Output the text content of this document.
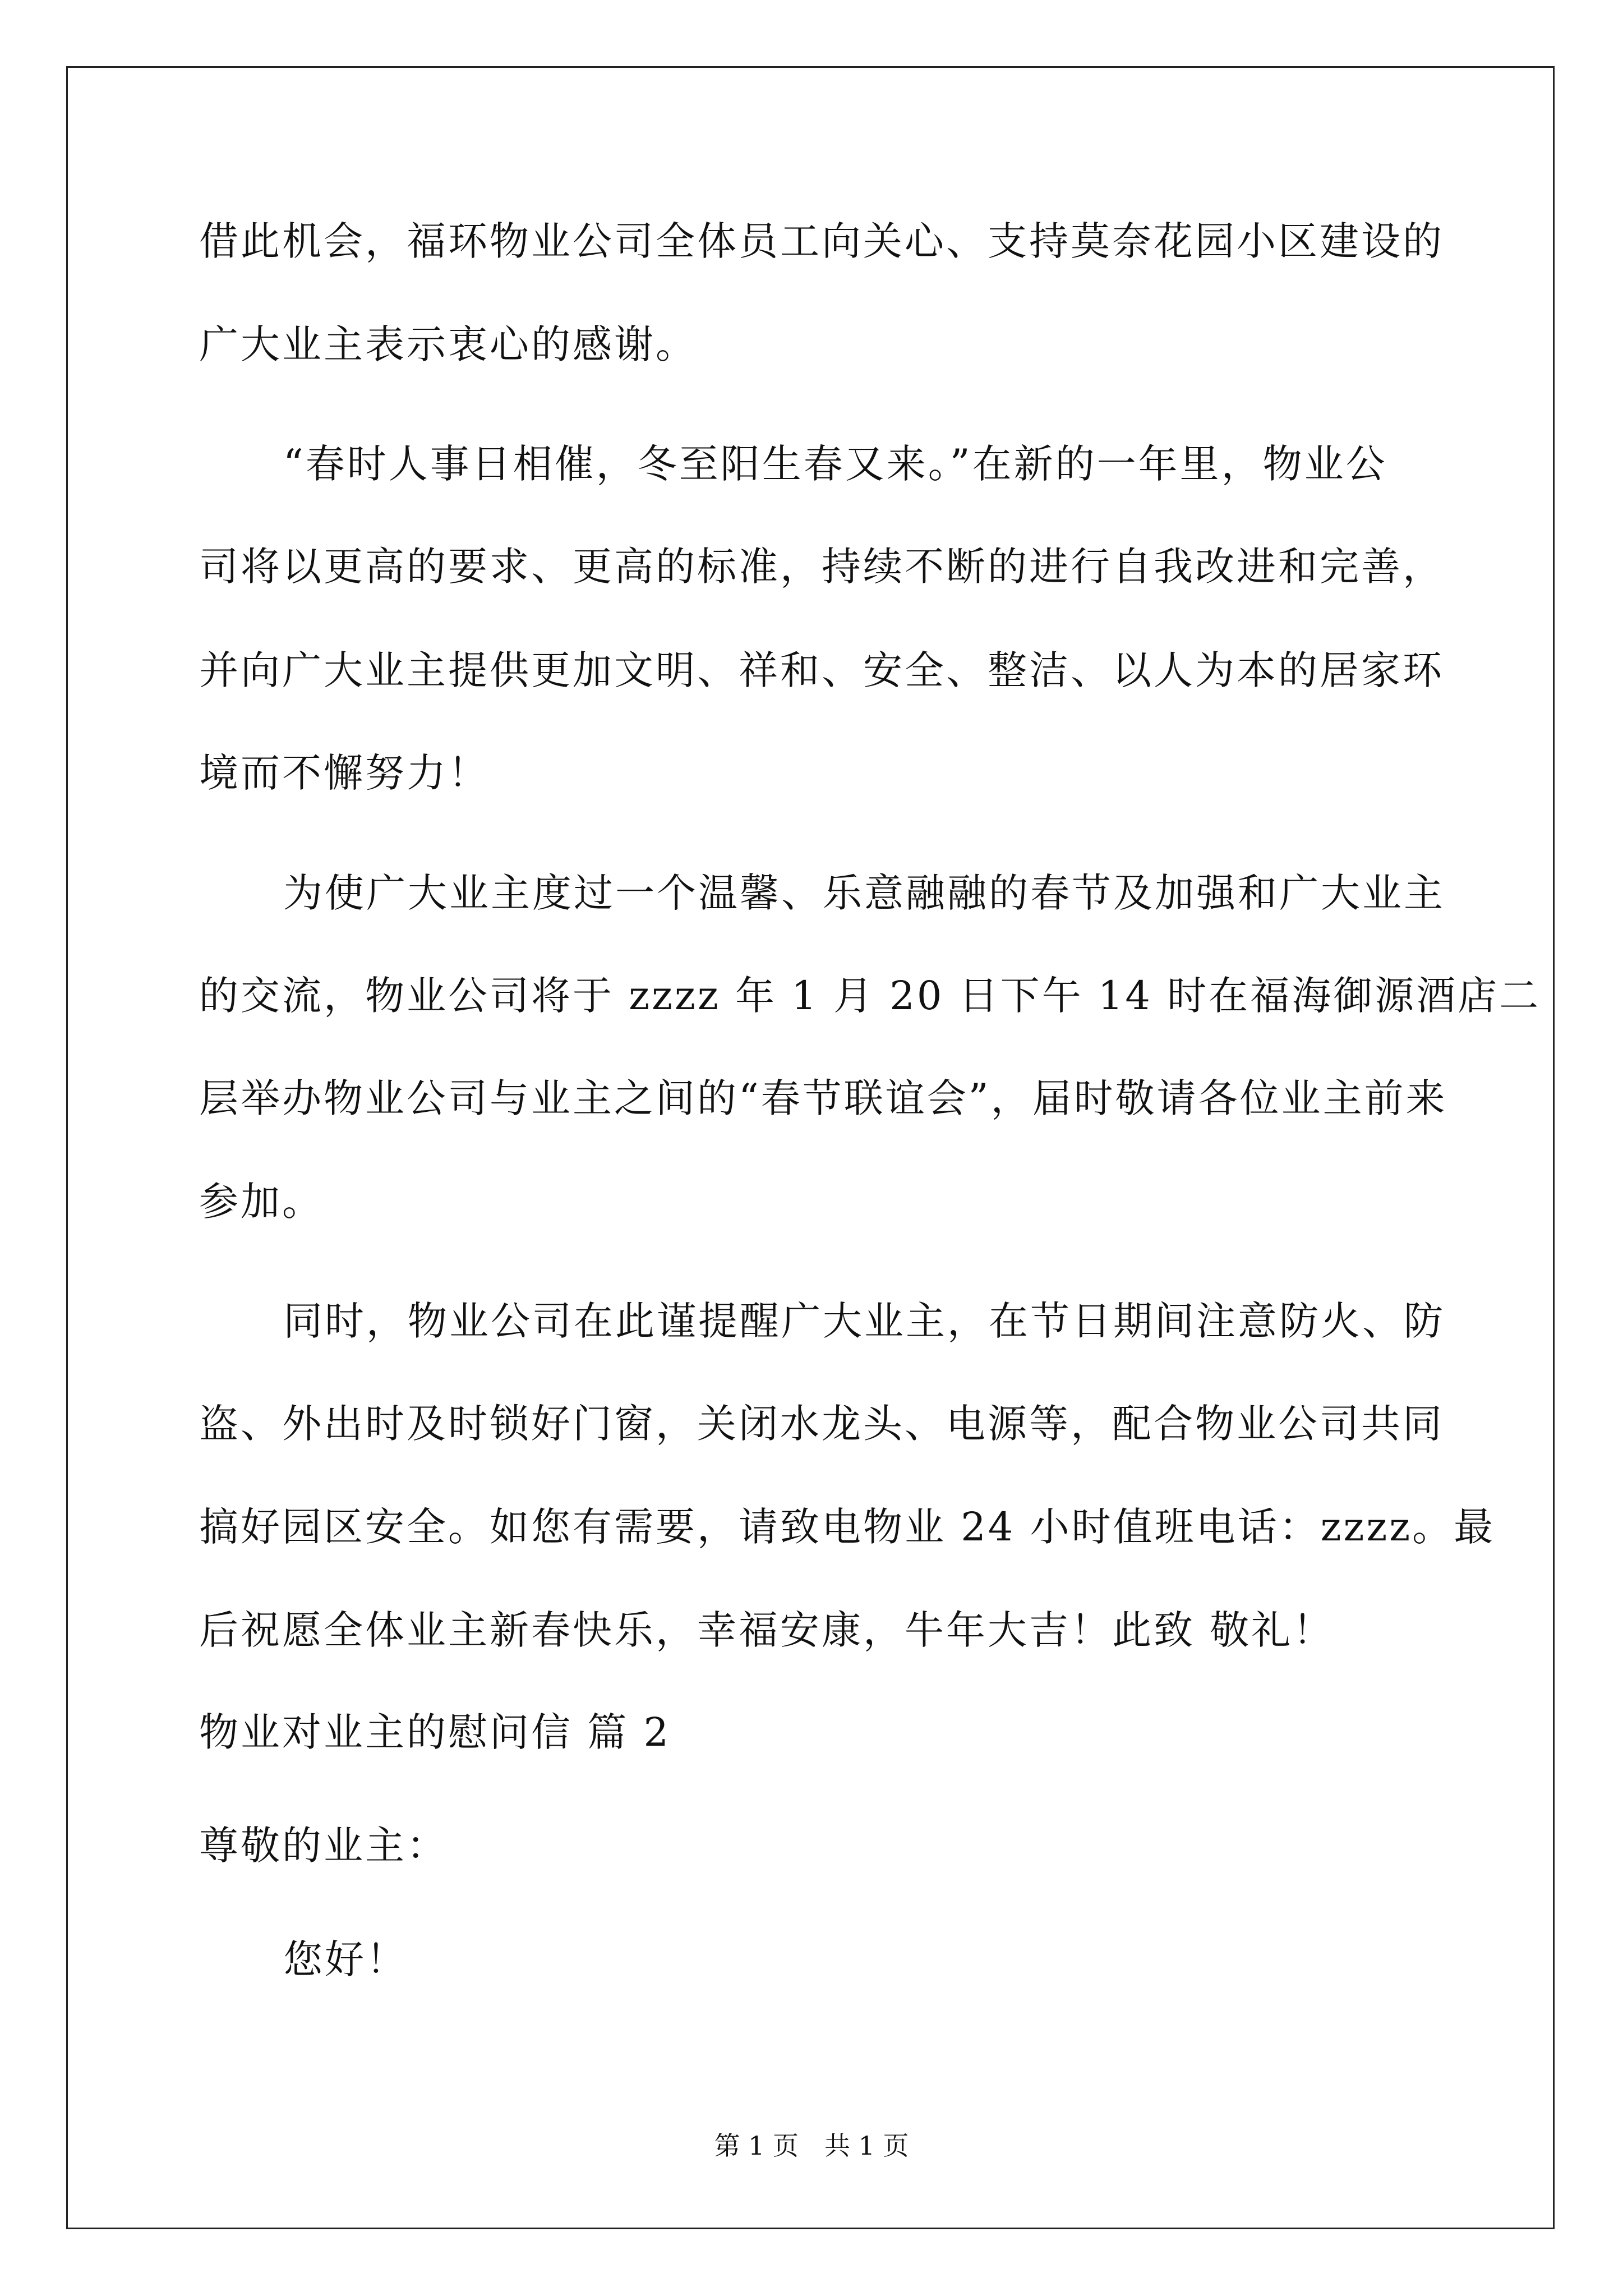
借此机会，福环物业公司全体员工向关心、支持莫奈花园小区建设的
广大业主表示衷心的感谢。
“春时人事日相催，冬至阳生春又来。”在新的一年里，物业公
司将以更高的要求、更高的标准，持续不断的进行自我改进和完善，
并向广大业主提供更加文明、祥和、安全、整洁、以人为本的居家环
境而不懈努力！
为使广大业主度过一个温馨、乐意融融的春节及加强和广大业主
的交流，物业公司将于 zzzz 年 1 月 20 日下午 14 时在福海御源酒店二
层举办物业公司与业主之间的“春节联谊会”，届时敬请各位业主前来
参加。
同时，物业公司在此谨提醒广大业主，在节日期间注意防火、防
盗、外出时及时锁好门窗，关闭水龙头、电源等，配合物业公司共同
搞好园区安全。如您有需要，请致电物业 24 小时值班电话：zzzz。最
后祝愿全体业主新春快乐，幸福安康，牛年大吉！此致 敬礼！
物业对业主的慰问信 篇 2
尊敬的业主：
您好！
第 1 页　共 1 页
